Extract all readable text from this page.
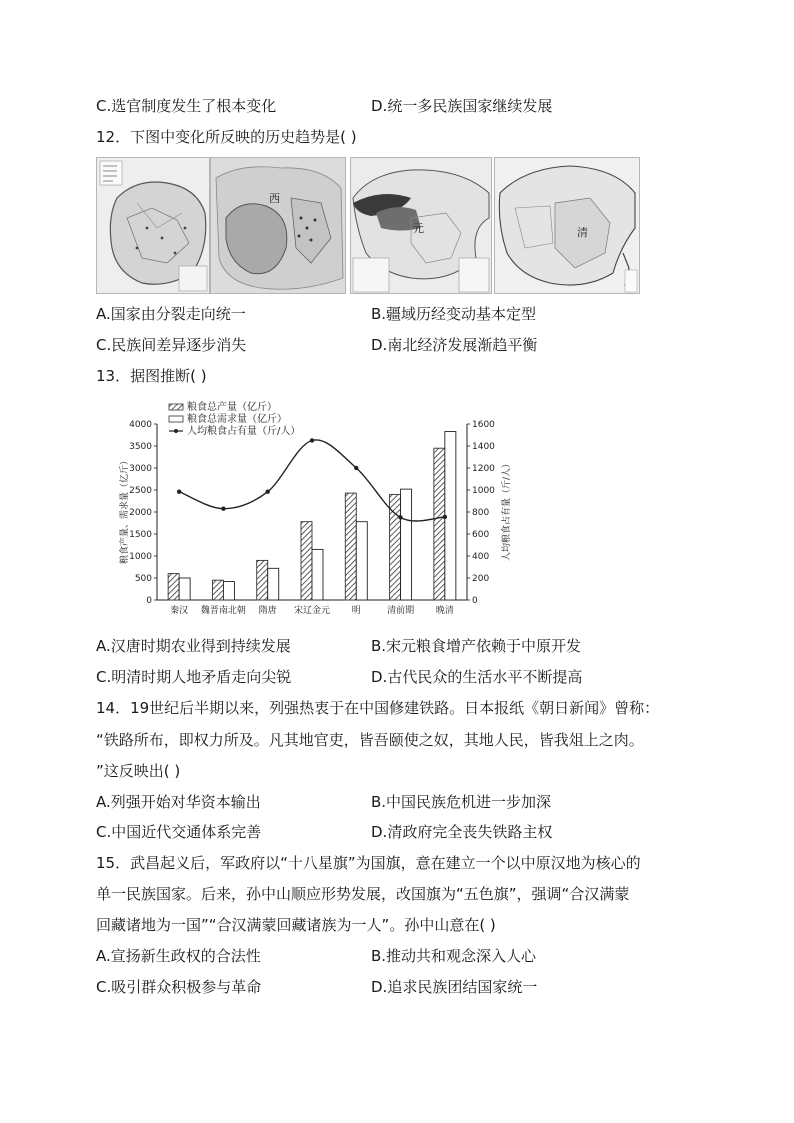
C.选官制度发生了根本变化	D.统一多民族国家继续发展
12．下图中变化所反映的历史趋势是( )
西
元	清
A.国家由分裂走向统一	B.疆域历经变动基本定型
C.民族间差异逐步消失	D.南北经济发展渐趋平衡
13．据图推断( )
粮食总产量（亿斤）
粮食总需求量（亿斤）
人均粮食占有量（斤/人）
粮食产量、需求量（亿斤）	人均粮食占有量（斤/人）
0
500
1000
1500
2000
2500
3000
3500
4000
0
200
400
600
800
1000
1200
1400
1600
秦汉 魏晋南北朝 隋唐 宋辽金元 明	清前期 晚清
A.汉唐时期农业得到持续发展	B.宋元粮食增产依赖于中原开发
C.明清时期人地矛盾走向尖锐	D.古代民众的生活水平不断提高
14．19世纪后半期以来，列强热衷于在中国修建铁路。日本报纸《朝日新闻》曾称：
“铁路所布，即权力所及。凡其地官吏，皆吾颐使之奴，其地人民，皆我俎上之肉。
”这反映出( )
A.列强开始对华资本输出	B.中国民族危机进一步加深
C.中国近代交通体系完善	D.清政府完全丧失铁路主权
15．武昌起义后，军政府以“十八星旗”为国旗，意在建立一个以中原汉地为核心的
单一民族国家。后来，孙中山顺应形势发展，改国旗为“五色旗”，强调“合汉满蒙
回藏诸地为一国”“合汉满蒙回藏诸族为一人”。孙中山意在( )
A.宣扬新生政权的合法性	B.推动共和观念深入人心
C.吸引群众积极参与革命	D.追求民族团结国家统一
